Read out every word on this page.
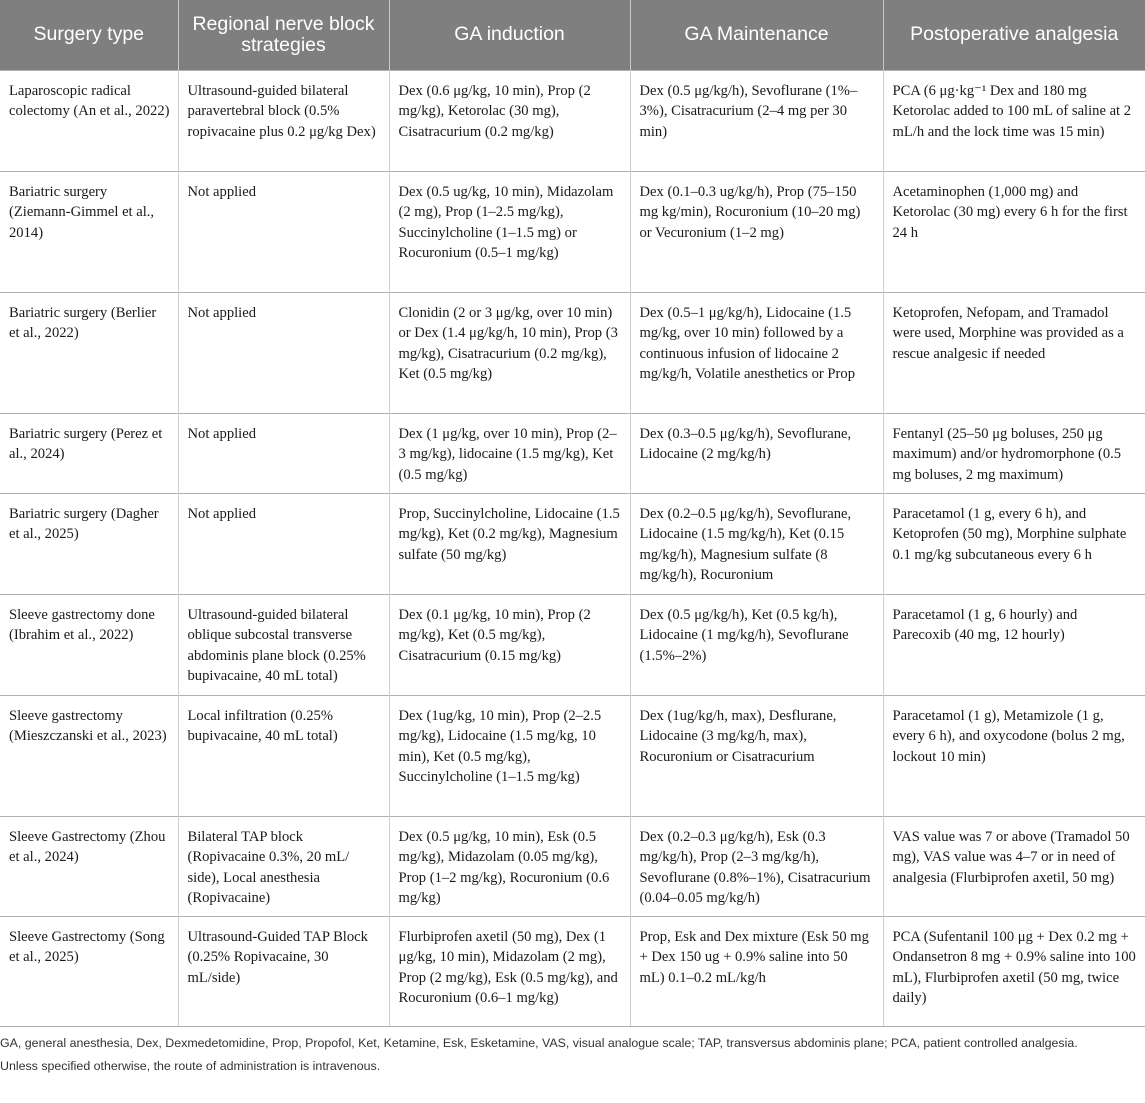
Surgery type	Regional nerve block strategies	GA induction	GA Maintenance	Postoperative analgesia
Laparoscopic radical colectomy (An et al., 2022)	Ultrasound-guided bilateral paravertebral block (0.5% ropivacaine plus 0.2 μg/kg Dex)	Dex (0.6 μg/kg, 10 min), Prop (2 mg/kg), Ketorolac (30 mg), Cisatracurium (0.2 mg/kg)	Dex (0.5 μg/kg/h), Sevoflurane (1%–3%), Cisatracurium (2–4 mg per 30 min)	PCA (6 μg·kg⁻¹ Dex and 180 mg Ketorolac added to 100 mL of saline at 2 mL/h and the lock time was 15 min)
Bariatric surgery (Ziemann-Gimmel et al., 2014)	Not applied	Dex (0.5 ug/kg, 10 min), Midazolam (2 mg), Prop (1–2.5 mg/kg), Succinylcholine (1–1.5 mg) or Rocuronium (0.5–1 mg/kg)	Dex (0.1–0.3 ug/kg/h), Prop (75–150 mg kg/min), Rocuronium (10–20 mg) or Vecuronium (1–2 mg)	Acetaminophen (1,000 mg) and Ketorolac (30 mg) every 6 h for the first 24 h
Bariatric surgery (Berlier et al., 2022)	Not applied	Clonidin (2 or 3 μg/kg, over 10 min) or Dex (1.4 μg/kg/h, 10 min), Prop (3 mg/kg), Cisatracurium (0.2 mg/kg), Ket (0.5 mg/kg)	Dex (0.5–1 μg/kg/h), Lidocaine (1.5 mg/kg, over 10 min) followed by a continuous infusion of lidocaine 2 mg/kg/h, Volatile anesthetics or Prop	Ketoprofen, Nefopam, and Tramadol were used, Morphine was provided as a rescue analgesic if needed
Bariatric surgery (Perez et al., 2024)	Not applied	Dex (1 μg/kg, over 10 min), Prop (2–3 mg/kg), lidocaine (1.5 mg/kg), Ket (0.5 mg/kg)	Dex (0.3–0.5 μg/kg/h), Sevoflurane, Lidocaine (2 mg/kg/h)	Fentanyl (25–50 μg boluses, 250 μg maximum) and/or hydromorphone (0.5 mg boluses, 2 mg maximum)
Bariatric surgery (Dagher et al., 2025)	Not applied	Prop, Succinylcholine, Lidocaine (1.5 mg/kg), Ket (0.2 mg/kg), Magnesium sulfate (50 mg/kg)	Dex (0.2–0.5 μg/kg/h), Sevoflurane, Lidocaine (1.5 mg/kg/h), Ket (0.15 mg/kg/h), Magnesium sulfate (8 mg/kg/h), Rocuronium	Paracetamol (1 g, every 6 h), and Ketoprofen (50 mg), Morphine sulphate 0.1 mg/kg subcutaneous every 6 h
Sleeve gastrectomy done (Ibrahim et al., 2022)	Ultrasound-guided bilateral oblique subcostal transverse abdominis plane block (0.25% bupivacaine, 40 mL total)	Dex (0.1 μg/kg, 10 min), Prop (2 mg/kg), Ket (0.5 mg/kg), Cisatracurium (0.15 mg/kg)	Dex (0.5 μg/kg/h), Ket (0.5 kg/h), Lidocaine (1 mg/kg/h), Sevoflurane (1.5%–2%)	Paracetamol (1 g, 6 hourly) and Parecoxib (40 mg, 12 hourly)
Sleeve gastrectomy (Mieszczanski et al., 2023)	Local infiltration (0.25% bupivacaine, 40 mL total)	Dex (1ug/kg, 10 min), Prop (2–2.5 mg/kg), Lidocaine (1.5 mg/kg, 10 min), Ket (0.5 mg/kg), Succinylcholine (1–1.5 mg/kg)	Dex (1ug/kg/h, max), Desflurane, Lidocaine (3 mg/kg/h, max), Rocuronium or Cisatracurium	Paracetamol (1 g), Metamizole (1 g, every 6 h), and oxycodone (bolus 2 mg, lockout 10 min)
Sleeve Gastrectomy (Zhou et al., 2024)	Bilateral TAP block (Ropivacaine 0.3%, 20 mL/ side), Local anesthesia (Ropivacaine)	Dex (0.5 μg/kg, 10 min), Esk (0.5 mg/kg), Midazolam (0.05 mg/kg), Prop (1–2 mg/kg), Rocuronium (0.6 mg/kg)	Dex (0.2–0.3 μg/kg/h), Esk (0.3 mg/kg/h), Prop (2–3 mg/kg/h), Sevoflurane (0.8%–1%), Cisatracurium (0.04–0.05 mg/kg/h)	VAS value was 7 or above (Tramadol 50 mg), VAS value was 4–7 or in need of analgesia (Flurbiprofen axetil, 50 mg)
Sleeve Gastrectomy (Song et al., 2025)	Ultrasound-Guided TAP Block (0.25% Ropivacaine, 30 mL/side)	Flurbiprofen axetil (50 mg), Dex (1 μg/kg, 10 min), Midazolam (2 mg), Prop (2 mg/kg), Esk (0.5 mg/kg), and Rocuronium (0.6–1 mg/kg)	Prop, Esk and Dex mixture (Esk 50 mg + Dex 150 ug + 0.9% saline into 50 mL) 0.1–0.2 mL/kg/h	PCA (Sufentanil 100 μg + Dex 0.2 mg + Ondansetron 8 mg + 0.9% saline into 100 mL), Flurbiprofen axetil (50 mg, twice daily)

GA, general anesthesia, Dex, Dexmedetomidine, Prop, Propofol, Ket, Ketamine, Esk, Esketamine, VAS, visual analogue scale; TAP, transversus abdominis plane; PCA, patient controlled analgesia.

Unless specified otherwise, the route of administration is intravenous.
